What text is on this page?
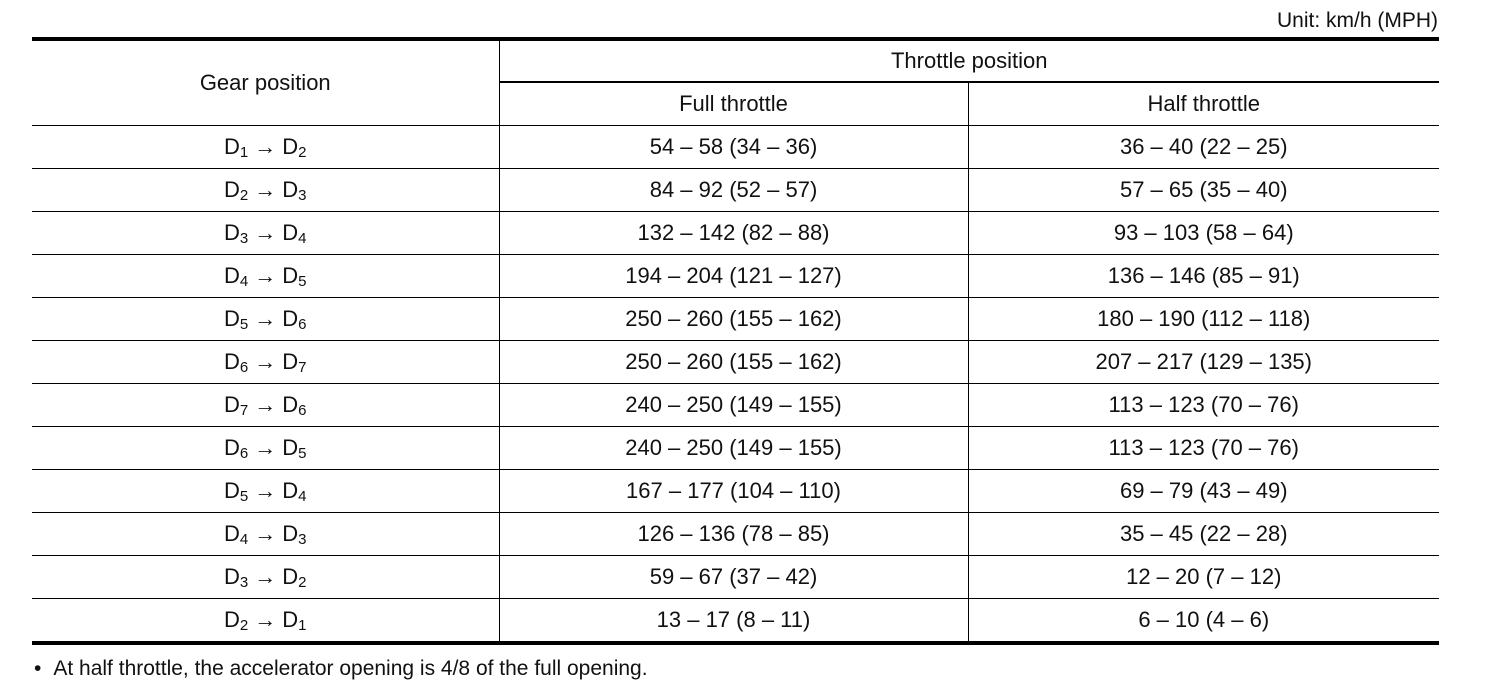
Unit: km/h (MPH)
Gear position	Throttle position	
	Full throttle	Half throttle
D1 → D2	54 – 58 (34 – 36)	36 – 40 (22 – 25)
D2 → D3	84 – 92 (52 – 57)	57 – 65 (35 – 40)
D3 → D4	132 – 142 (82 – 88)	93 – 103 (58 – 64)
D4 → D5	194 – 204 (121 – 127)	136 – 146 (85 – 91)
D5 → D6	250 – 260 (155 – 162)	180 – 190 (112 – 118)
D6 → D7	250 – 260 (155 – 162)	207 – 217 (129 – 135)
D7 → D6	240 – 250 (149 – 155)	113 – 123 (70 – 76)
D6 → D5	240 – 250 (149 – 155)	113 – 123 (70 – 76)
D5 → D4	167 – 177 (104 – 110)	69 – 79 (43 – 49)
D4 → D3	126 – 136 (78 – 85)	35 – 45 (22 – 28)
D3 → D2	59 – 67 (37 – 42)	12 – 20 (7 – 12)
D2 → D1	13 – 17 (8 – 11)	6 – 10 (4 – 6)
• At half throttle, the accelerator opening is 4/8 of the full opening.
